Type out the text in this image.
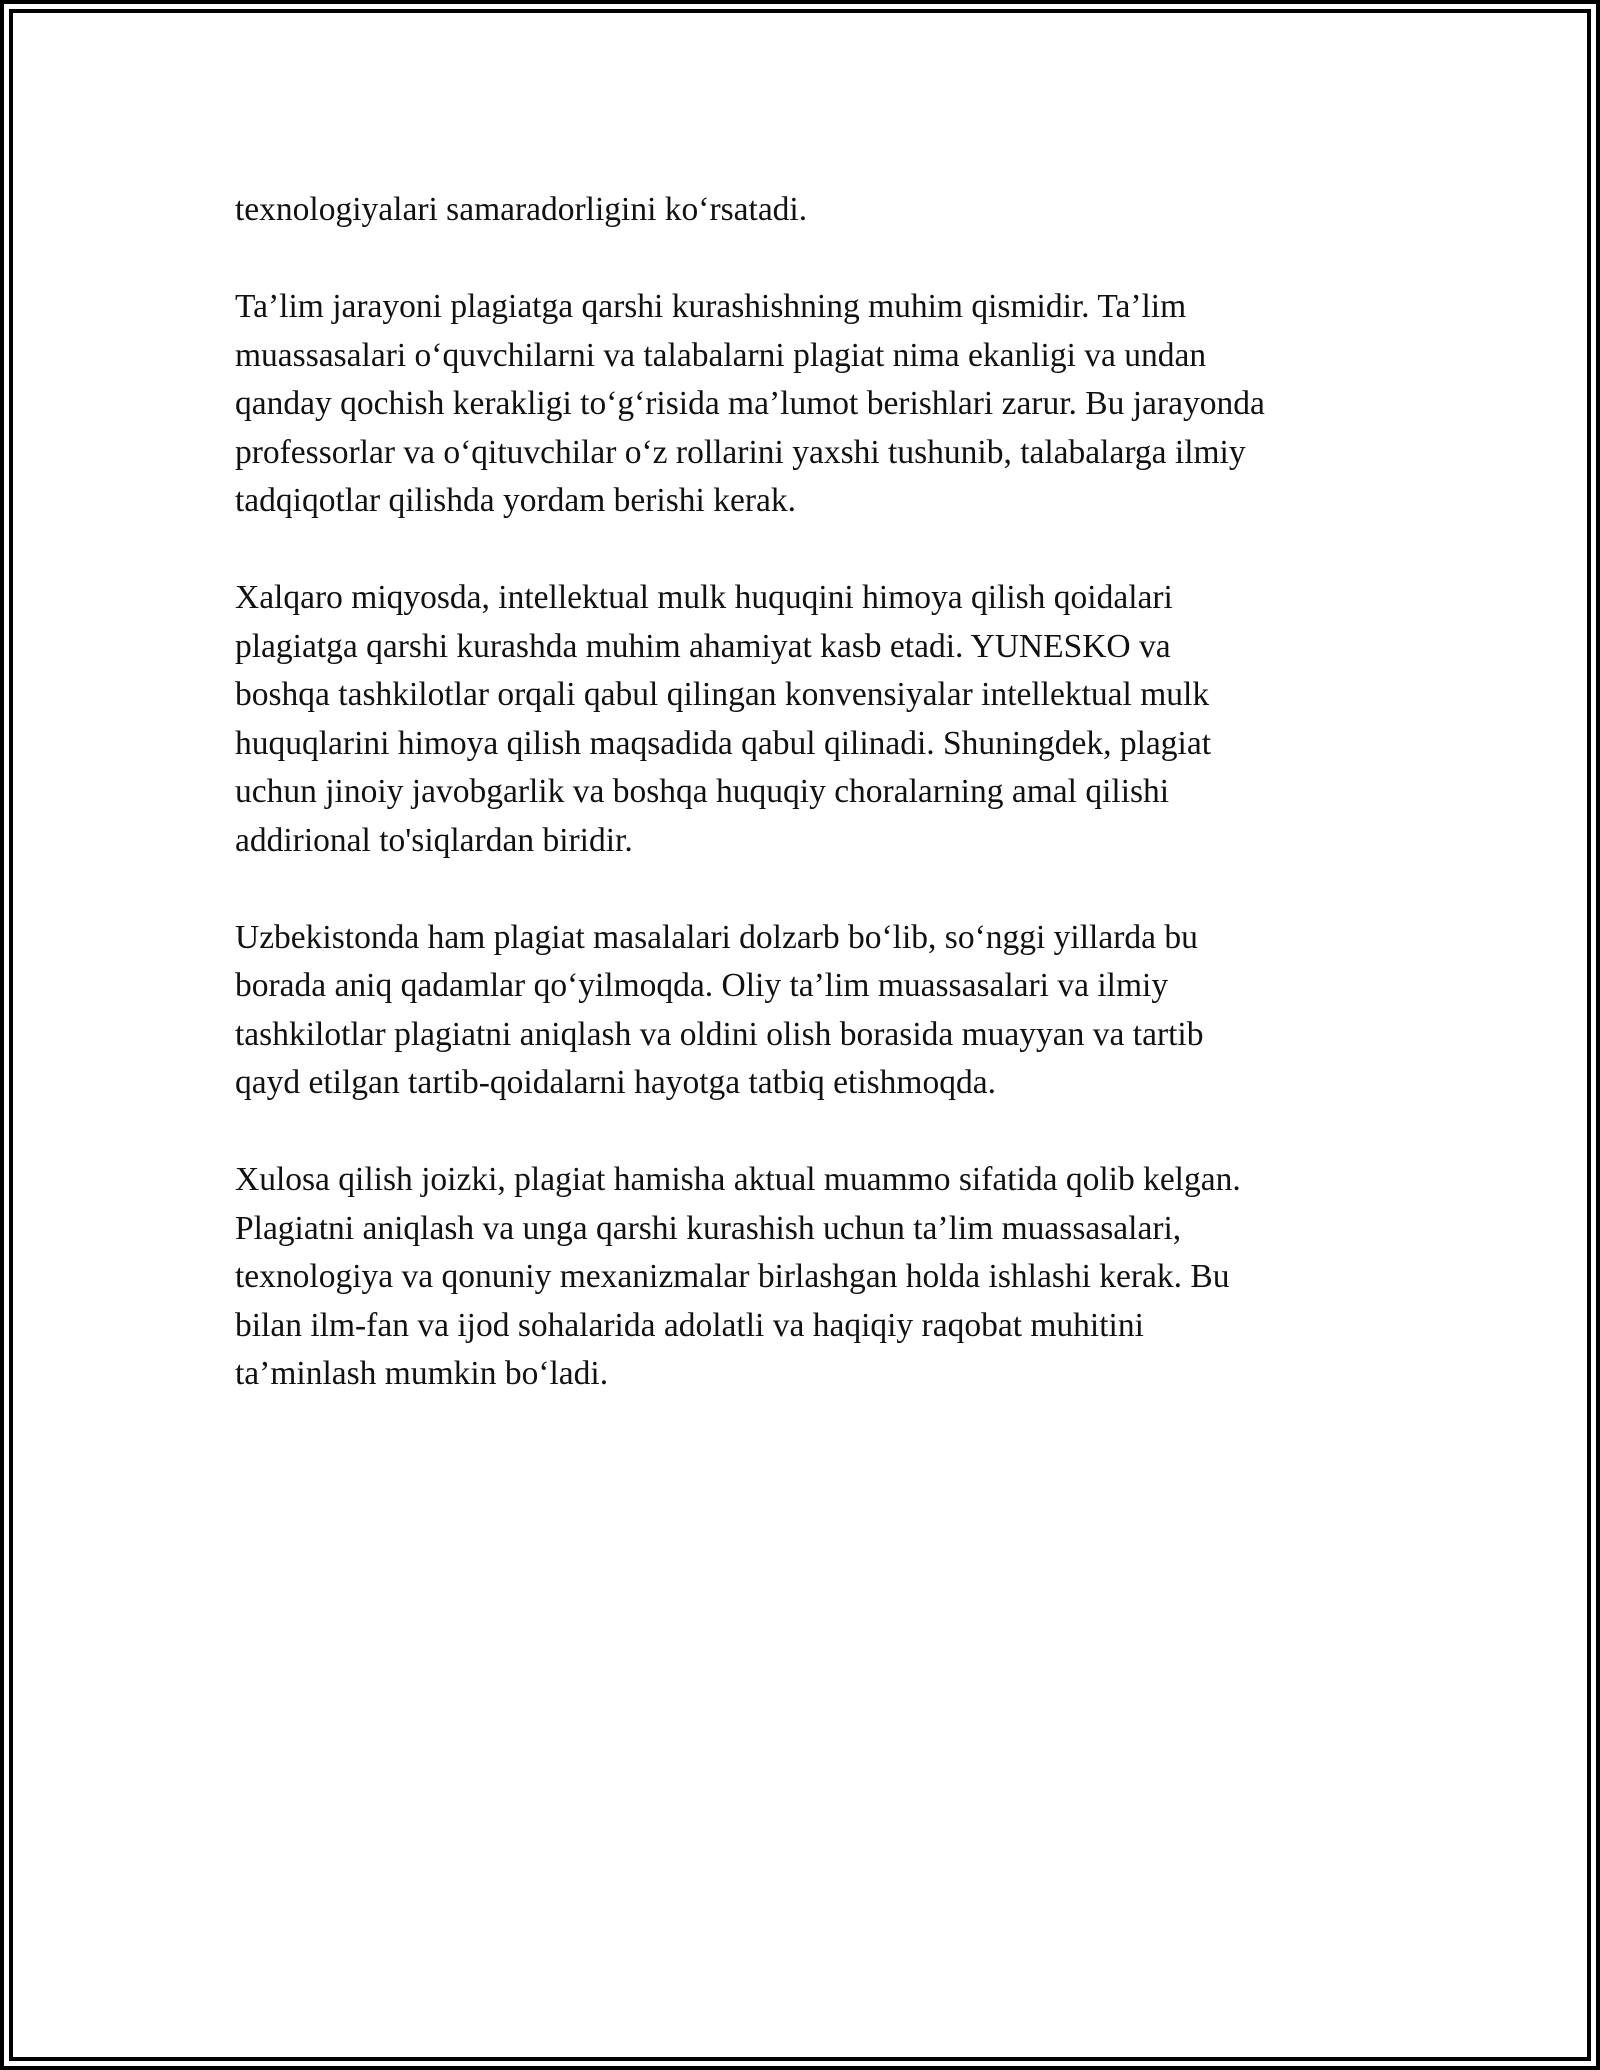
texnologiyalari samaradorligini ko‘rsatadi.

Ta’lim jarayoni plagiatga qarshi kurashishning muhim qismidir. Ta’lim
muassasalari o‘quvchilarni va talabalarni plagiat nima ekanligi va undan
qanday qochish kerakligi to‘g‘risida ma’lumot berishlari zarur. Bu jarayonda
professorlar va o‘qituvchilar o‘z rollarini yaxshi tushunib, talabalarga ilmiy
tadqiqotlar qilishda yordam berishi kerak.

Xalqaro miqyosda, intellektual mulk huquqini himoya qilish qoidalari
plagiatga qarshi kurashda muhim ahamiyat kasb etadi. YUNESKO va
boshqa tashkilotlar orqali qabul qilingan konvensiyalar intellektual mulk
huquqlarini himoya qilish maqsadida qabul qilinadi. Shuningdek, plagiat
uchun jinoiy javobgarlik va boshqa huquqiy choralarning amal qilishi
addirional to'siqlardan biridir.

Uzbekistonda ham plagiat masalalari dolzarb bo‘lib, so‘nggi yillarda bu
borada aniq qadamlar qo‘yilmoqda. Oliy ta’lim muassasalari va ilmiy
tashkilotlar plagiatni aniqlash va oldini olish borasida muayyan va tartib
qayd etilgan tartib-qoidalarni hayotga tatbiq etishmoqda.

Xulosa qilish joizki, plagiat hamisha aktual muammo sifatida qolib kelgan.
Plagiatni aniqlash va unga qarshi kurashish uchun ta’lim muassasalari,
texnologiya va qonuniy mexanizmalar birlashgan holda ishlashi kerak. Bu
bilan ilm-fan va ijod sohalarida adolatli va haqiqiy raqobat muhitini
ta’minlash mumkin bo‘ladi.
